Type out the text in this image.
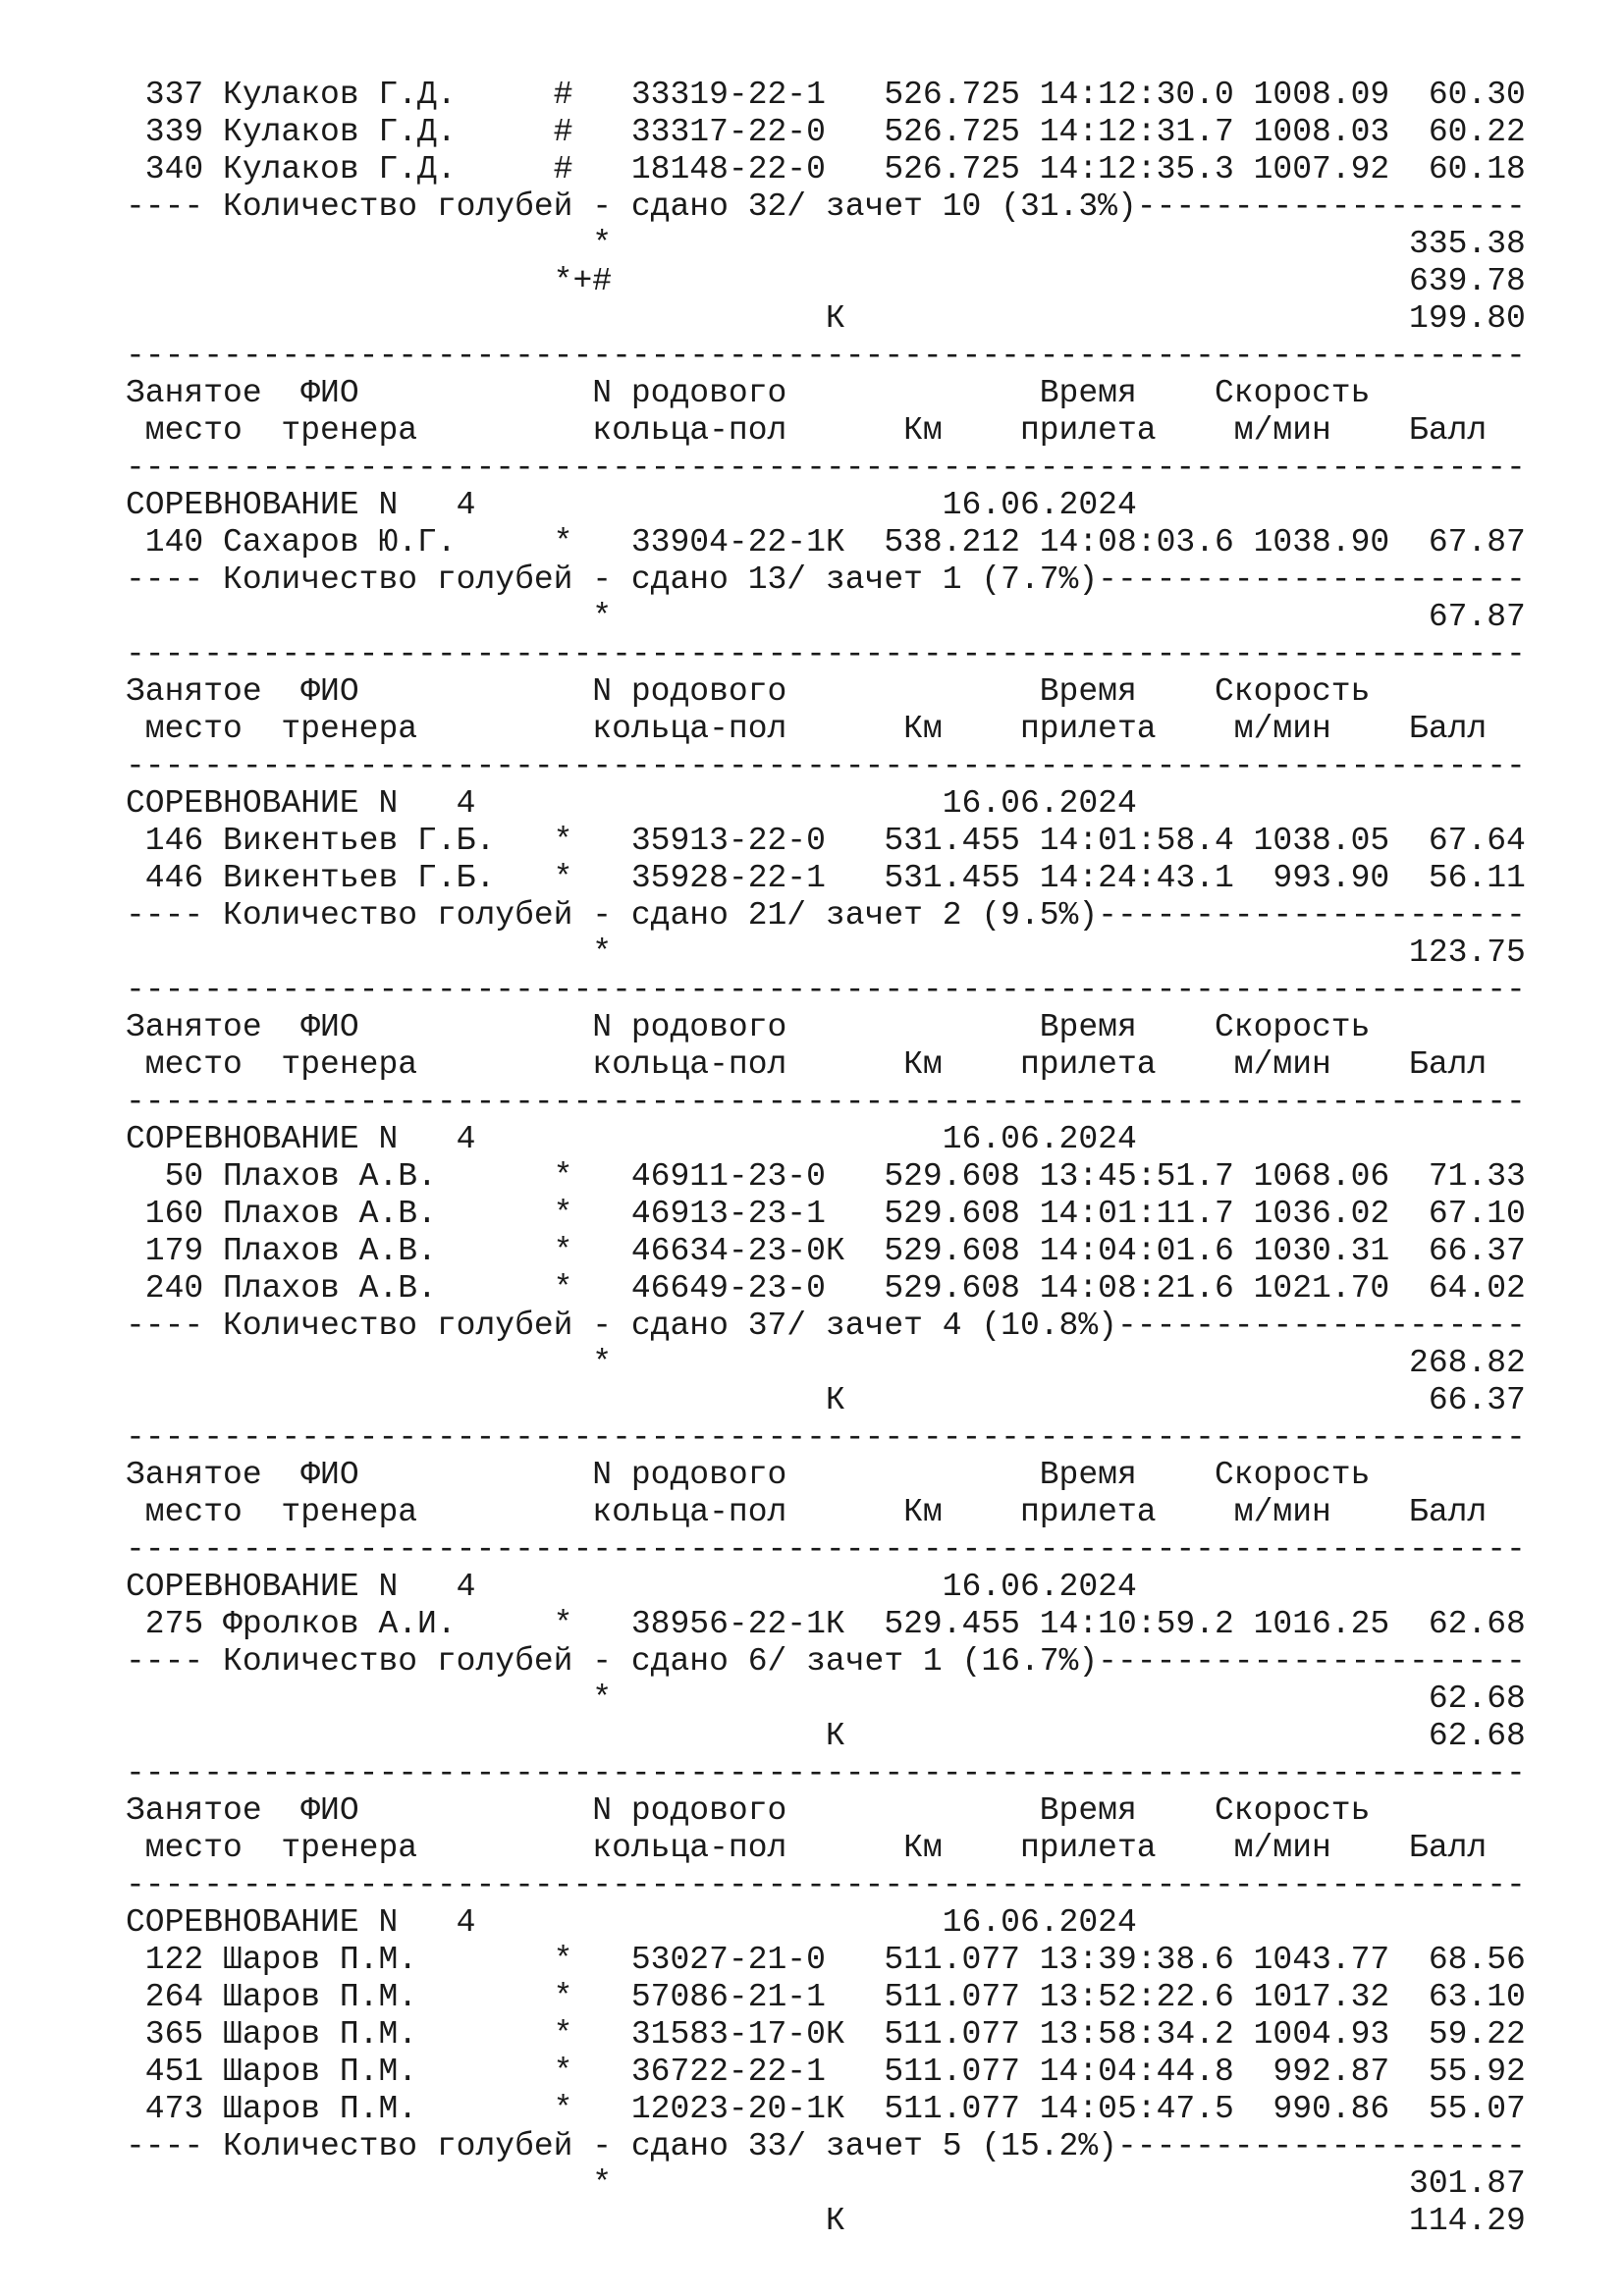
337 Кулаков Г.Д.     #   33319-22-1   526.725 14:12:30.0 1008.09  60.30
339 Кулаков Г.Д.     #   33317-22-0   526.725 14:12:31.7 1008.03  60.22
340 Кулаков Г.Д.     #   18148-22-0   526.725 14:12:35.3 1007.92  60.18
---- Количество голубей - сдано 32/ зачет 10 (31.3%)--------------------
*                                         335.38
*+#                                         639.78
К                             199.80
------------------------------------------------------------------------
Занятое  ФИО            N родового             Время    Скорость
место  тренера         кольца-пол      Км    прилета    м/мин    Балл
------------------------------------------------------------------------
СОРЕВНОВАНИЕ N   4                        16.06.2024
140 Сахаров Ю.Г.     *   33904-22-1К  538.212 14:08:03.6 1038.90  67.87
---- Количество голубей - сдано 13/ зачет 1 (7.7%)----------------------
*                                          67.87
------------------------------------------------------------------------
Занятое  ФИО            N родового             Время    Скорость
место  тренера         кольца-пол      Км    прилета    м/мин    Балл
------------------------------------------------------------------------
СОРЕВНОВАНИЕ N   4                        16.06.2024
146 Викентьев Г.Б.   *   35913-22-0   531.455 14:01:58.4 1038.05  67.64
446 Викентьев Г.Б.   *   35928-22-1   531.455 14:24:43.1  993.90  56.11
---- Количество голубей - сдано 21/ зачет 2 (9.5%)----------------------
*                                         123.75
------------------------------------------------------------------------
Занятое  ФИО            N родового             Время    Скорость
место  тренера         кольца-пол      Км    прилета    м/мин    Балл
------------------------------------------------------------------------
СОРЕВНОВАНИЕ N   4                        16.06.2024
50 Плахов А.В.      *   46911-23-0   529.608 13:45:51.7 1068.06  71.33
160 Плахов А.В.      *   46913-23-1   529.608 14:01:11.7 1036.02  67.10
179 Плахов А.В.      *   46634-23-0К  529.608 14:04:01.6 1030.31  66.37
240 Плахов А.В.      *   46649-23-0   529.608 14:08:21.6 1021.70  64.02
---- Количество голубей - сдано 37/ зачет 4 (10.8%)---------------------
*                                         268.82
К                              66.37
------------------------------------------------------------------------
Занятое  ФИО            N родового             Время    Скорость
место  тренера         кольца-пол      Км    прилета    м/мин    Балл
------------------------------------------------------------------------
СОРЕВНОВАНИЕ N   4                        16.06.2024
275 Фролков А.И.     *   38956-22-1К  529.455 14:10:59.2 1016.25  62.68
---- Количество голубей - сдано 6/ зачет 1 (16.7%)----------------------
*                                          62.68
К                              62.68
------------------------------------------------------------------------
Занятое  ФИО            N родового             Время    Скорость
место  тренера         кольца-пол      Км    прилета    м/мин    Балл
------------------------------------------------------------------------
СОРЕВНОВАНИЕ N   4                        16.06.2024
122 Шаров П.М.       *   53027-21-0   511.077 13:39:38.6 1043.77  68.56
264 Шаров П.М.       *   57086-21-1   511.077 13:52:22.6 1017.32  63.10
365 Шаров П.М.       *   31583-17-0К  511.077 13:58:34.2 1004.93  59.22
451 Шаров П.М.       *   36722-22-1   511.077 14:04:44.8  992.87  55.92
473 Шаров П.М.       *   12023-20-1К  511.077 14:05:47.5  990.86  55.07
---- Количество голубей - сдано 33/ зачет 5 (15.2%)---------------------
*                                         301.87
К                             114.29
